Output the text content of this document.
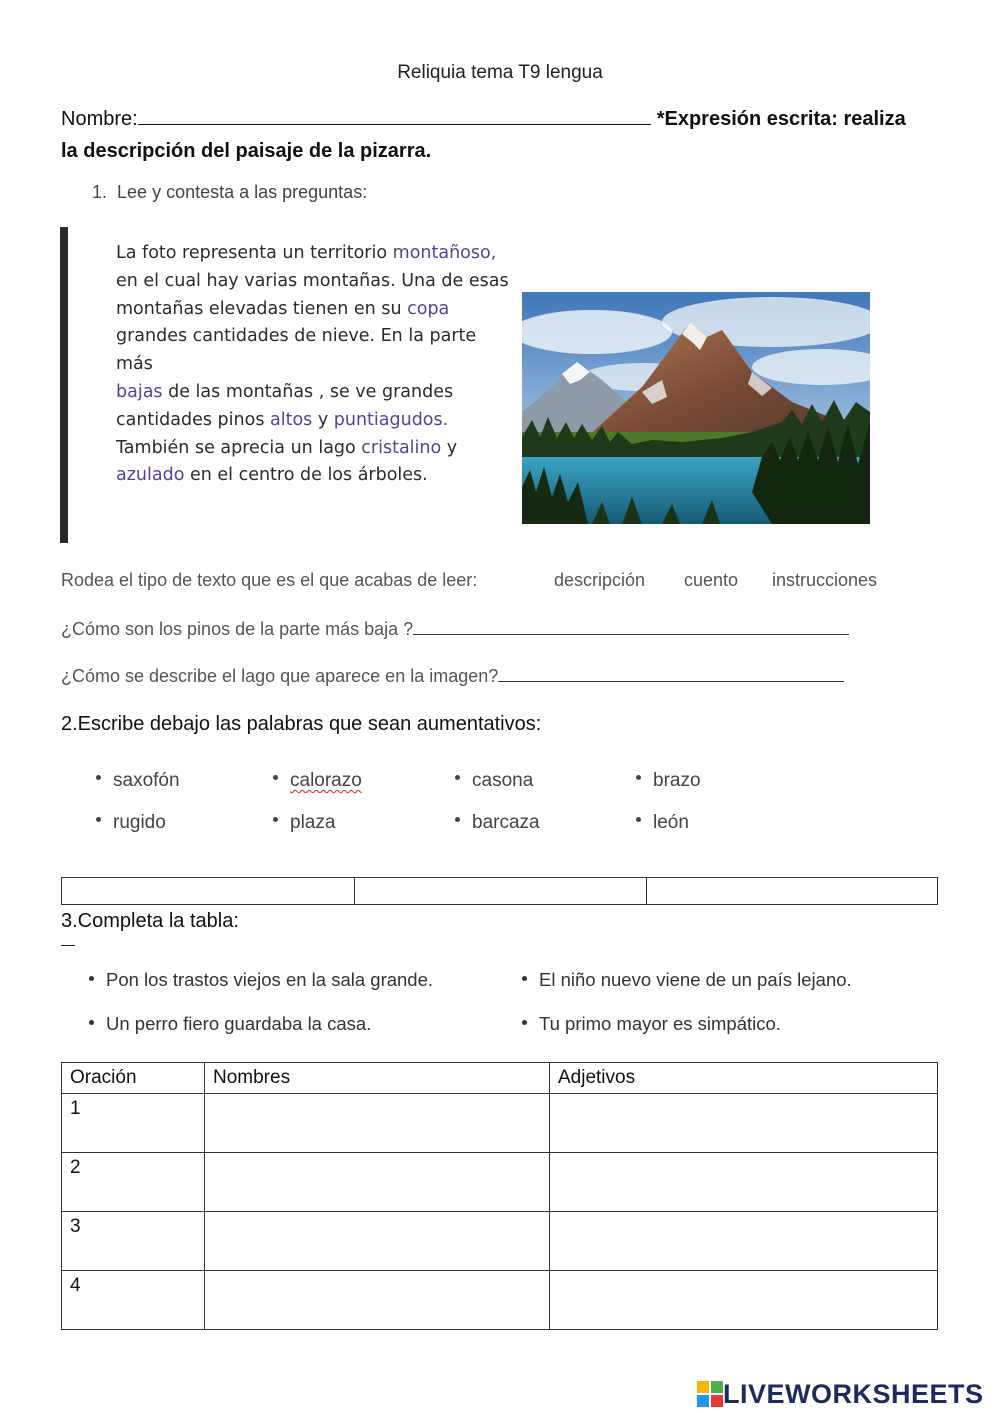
Reliquia tema T9 lengua
Nombre:	*Expresión escrita: realiza
la descripción del paisaje de la pizarra.
1. Lee y contesta a las preguntas:
La foto representa un territorio montañoso,
en el cual hay varias montañas. Una de esas
montañas elevadas tienen en su copa
grandes cantidades de nieve. En la parte más
bajas de las montañas , se ve grandes
cantidades pinos altos y puntiagudos.
También se aprecia un lago cristalino y
azulado en el centro de los árboles.
Rodea el tipo de texto que es el que acabas de leer:	descripción cuento instrucciones
¿Cómo son los pinos de la parte más baja ?
¿Cómo se describe el lago que aparece en la imagen?
2.Escribe debajo las palabras que sean aumentativos:
saxofón	calorazo	casona	brazo
rugido	plaza	barcaza	león

3.Completa la tabla:
—
Pon los trastos viejos en la sala grande.	El niño nuevo viene de un país lejano.
Un perro fiero guardaba la casa.	Tu primo mayor es simpático.
Oración	Nombres	Adjetivos
1		
2		
3		
4		
LIVEWORKSHEETS
